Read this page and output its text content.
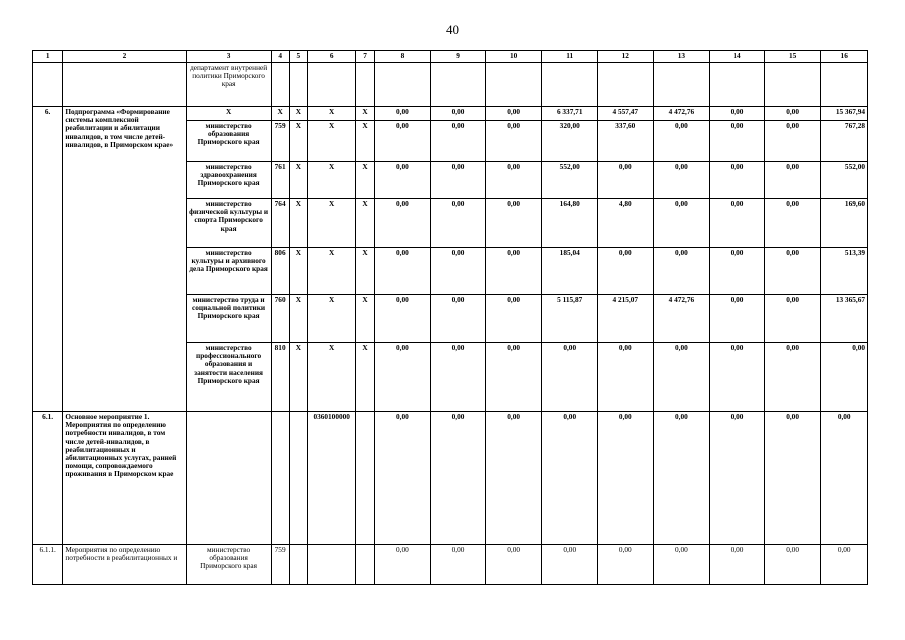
40
1	2	3	4	5	6	7	8	9	10	11	12	13	14	15	16
		департамент внутренней политики Приморского края													
6.	Подпрограмма «Формирование системы комплексной реабилитации и абилитации инвалидов, в том числе детей-инвалидов, в Приморском крае»	X	X	X	X	X	0,00	0,00	0,00	6 337,71	4 557,47	4 472,76	0,00	0,00	15 367,94
		министерство образования Приморского края	759	X	X	X	0,00	0,00	0,00	320,00	337,60	0,00	0,00	0,00	767,28
		министерство здравоохранения Приморского края	761	X	X	X	0,00	0,00	0,00	552,00	0,00	0,00	0,00	0,00	552,00
		министерство физической культуры и спорта Приморского края	764	X	X	X	0,00	0,00	0,00	164,80	4,80	0,00	0,00	0,00	169,60
		министерство культуры и архивного дела Приморского края	806	X	X	X	0,00	0,00	0,00	185,04	0,00	0,00	0,00	0,00	513,39
		министерство труда и социальной политики Приморского края	760	X	X	X	0,00	0,00	0,00	5 115,87	4 215,07	4 472,76	0,00	0,00	13 365,67
		министерство профессионального образования и занятости населения Приморского края	810	X	X	X	0,00	0,00	0,00	0,00	0,00	0,00	0,00	0,00	0,00
6.1.	Основное мероприятие 1. Мероприятия по определению потребности инвалидов, в том числе детей-инвалидов, в реабилитационных и абилитационных услугах, ранней помощи, сопровождаемого проживания в Приморском крае				0360100000		0,00	0,00	0,00	0,00	0,00	0,00	0,00	0,00	0,00
6.1.1.	Мероприятия по определению потребности в реабилитационных и	министерство образования Приморского края	759				0,00	0,00	0,00	0,00	0,00	0,00	0,00	0,00	0,00
